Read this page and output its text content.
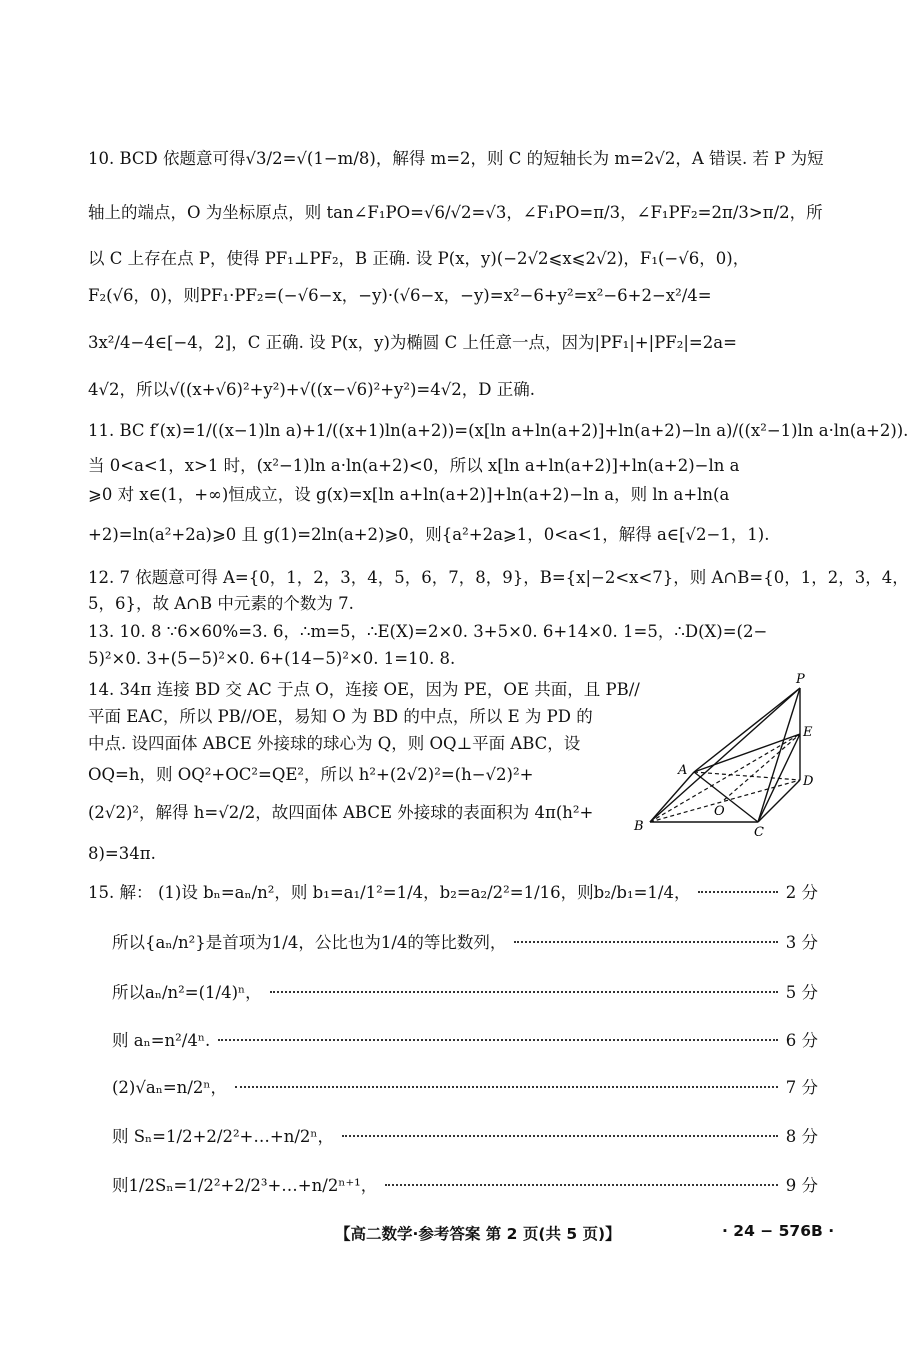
10. BCD 依题意可得√3/2=√(1−m/8)，解得 m=2，则 C 的短轴长为 m=2√2，A 错误. 若 P 为短
轴上的端点，O 为坐标原点，则 tan∠F₁PO=√6/√2=√3，∠F₁PO=π/3，∠F₁PF₂=2π/3>π/2，所
以 C 上存在点 P，使得 PF₁⊥PF₂，B 正确. 设 P(x，y)(−2√2⩽x⩽2√2)，F₁(−√6，0)，
F₂(√6，0)，则PF₁·PF₂=(−√6−x，−y)·(√6−x，−y)=x²−6+y²=x²−6+2−x²/4=
3x²/4−4∈[−4，2]，C 正确. 设 P(x，y)为椭圆 C 上任意一点，因为|PF₁|+|PF₂|=2a=
4√2，所以√((x+√6)²+y²)+√((x−√6)²+y²)=4√2，D 正确.
11. BC f′(x)=1/((x−1)ln a)+1/((x+1)ln(a+2))=(x[ln a+ln(a+2)]+ln(a+2)−ln a)/((x²−1)ln a·ln(a+2)).
当 0<a<1，x>1 时，(x²−1)ln a·ln(a+2)<0，所以 x[ln a+ln(a+2)]+ln(a+2)−ln a
⩾0 对 x∈(1，+∞)恒成立，设 g(x)=x[ln a+ln(a+2)]+ln(a+2)−ln a，则 ln a+ln(a
+2)=ln(a²+2a)⩾0 且 g(1)=2ln(a+2)⩾0，则{a²+2a⩾1，0<a<1，解得 a∈[√2−1，1).
12. 7 依题意可得 A={0，1，2，3，4，5，6，7，8，9}，B={x|−2<x<7}，则 A∩B={0，1，2，3，4，
5，6}，故 A∩B 中元素的个数为 7.
13. 10. 8 ∵6×60%=3. 6，∴m=5，∴E(X)=2×0. 3+5×0. 6+14×0. 1=5，∴D(X)=(2−
5)²×0. 3+(5−5)²×0. 6+(14−5)²×0. 1=10. 8.
14. 34π 连接 BD 交 AC 于点 O，连接 OE，因为 PE，OE 共面，且 PB//
平面 EAC，所以 PB//OE，易知 O 为 BD 的中点，所以 E 为 PD 的
中点. 设四面体 ABCE 外接球的球心为 Q，则 OQ⊥平面 ABC，设
OQ=h，则 OQ²+OC²=QE²，所以 h²+(2√2)²=(h−√2)²+
(2√2)²，解得 h=√2/2，故四面体 ABCE 外接球的表面积为 4π(h²+
8)=34π.
15. 解： (1)设 bₙ=aₙ/n²，则 b₁=a₁/1²=1/4，b₂=a₂/2²=1/16，则b₂/b₁=1/4，	2 分
所以{aₙ/n²}是首项为1/4，公比也为1/4的等比数列，	3 分
所以aₙ/n²=(1/4)ⁿ，	5 分
则 aₙ=n²/4ⁿ.	6 分
(2)√aₙ=n/2ⁿ，	7 分
则 Sₙ=1/2+2/2²+…+n/2ⁿ，	8 分
则1/2Sₙ=1/2²+2/2³+…+n/2ⁿ⁺¹，	9 分
P
E
A
D
O
B	C
【高二数学·参考答案 第 2 页(共 5 页)】	· 24 − 576B ·
